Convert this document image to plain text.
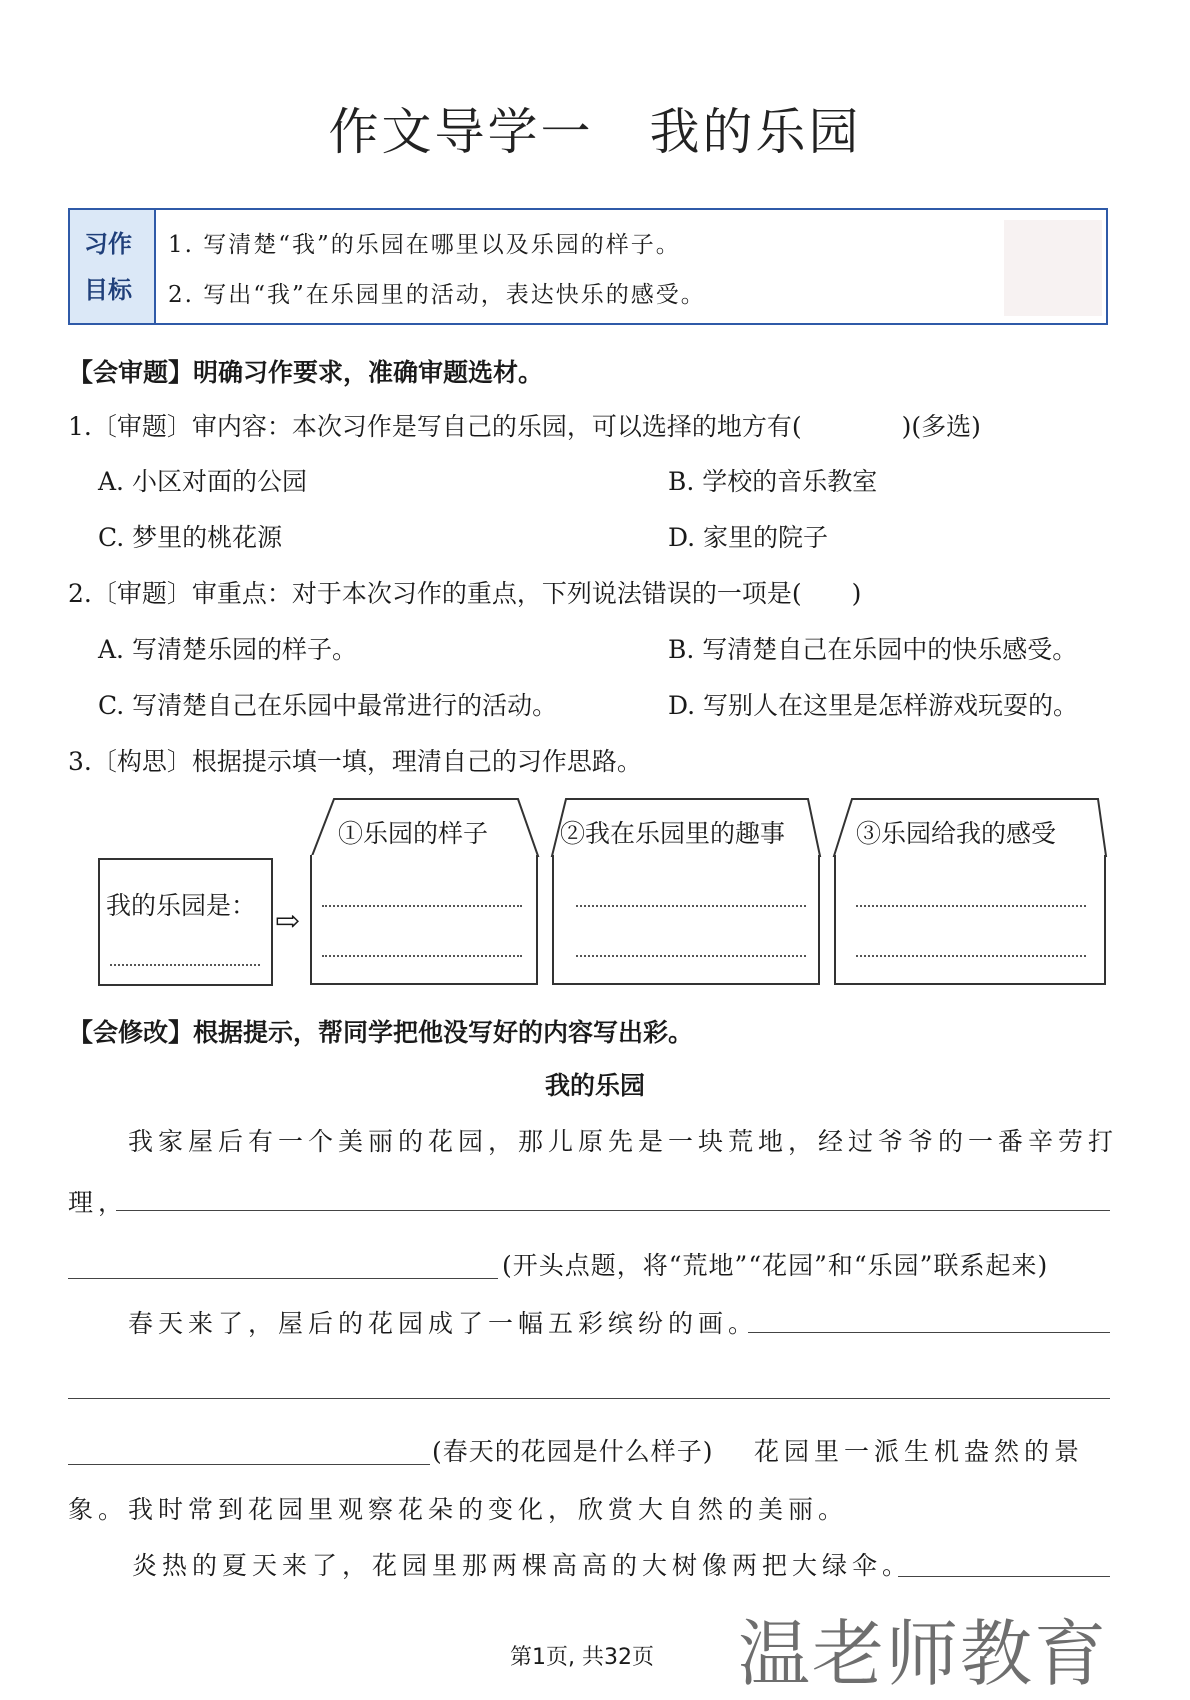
作文导学一 我的乐园
习作
目标
1. 写清楚“我”的乐园在哪里以及乐园的样子。
2. 写出“我”在乐园里的活动，表达快乐的感受。
【会审题】明确习作要求，准确审题选材。
1.〔审题〕审内容：本次习作是写自己的乐园，可以选择的地方有(　　　　)(多选)
A. 小区对面的公园	B. 学校的音乐教室
C. 梦里的桃花源	D. 家里的院子
2.〔审题〕审重点：对于本次习作的重点，下列说法错误的一项是(　　)
A. 写清楚乐园的样子。	B. 写清楚自己在乐园中的快乐感受。
C. 写清楚自己在乐园中最常进行的活动。	D. 写别人在这里是怎样游戏玩耍的。
3.〔构思〕根据提示填一填，理清自己的习作思路。
我的乐园是： ⇨
①乐园的样子	②我在乐园里的趣事	③乐园给我的感受
【会修改】根据提示，帮同学把他没写好的内容写出彩。
我的乐园
我家屋后有一个美丽的花园，那儿原先是一块荒地，经过爷爷的一番辛劳打
理，
(开头点题，将“荒地”“花园”和“乐园”联系起来)
春天来了，屋后的花园成了一幅五彩缤纷的画。
(春天的花园是什么样子) 花园里一派生机盎然的景
象。我时常到花园里观察花朵的变化，欣赏大自然的美丽。
炎热的夏天来了，花园里那两棵高高的大树像两把大绿伞。
第1页, 共32页 温老师教育
